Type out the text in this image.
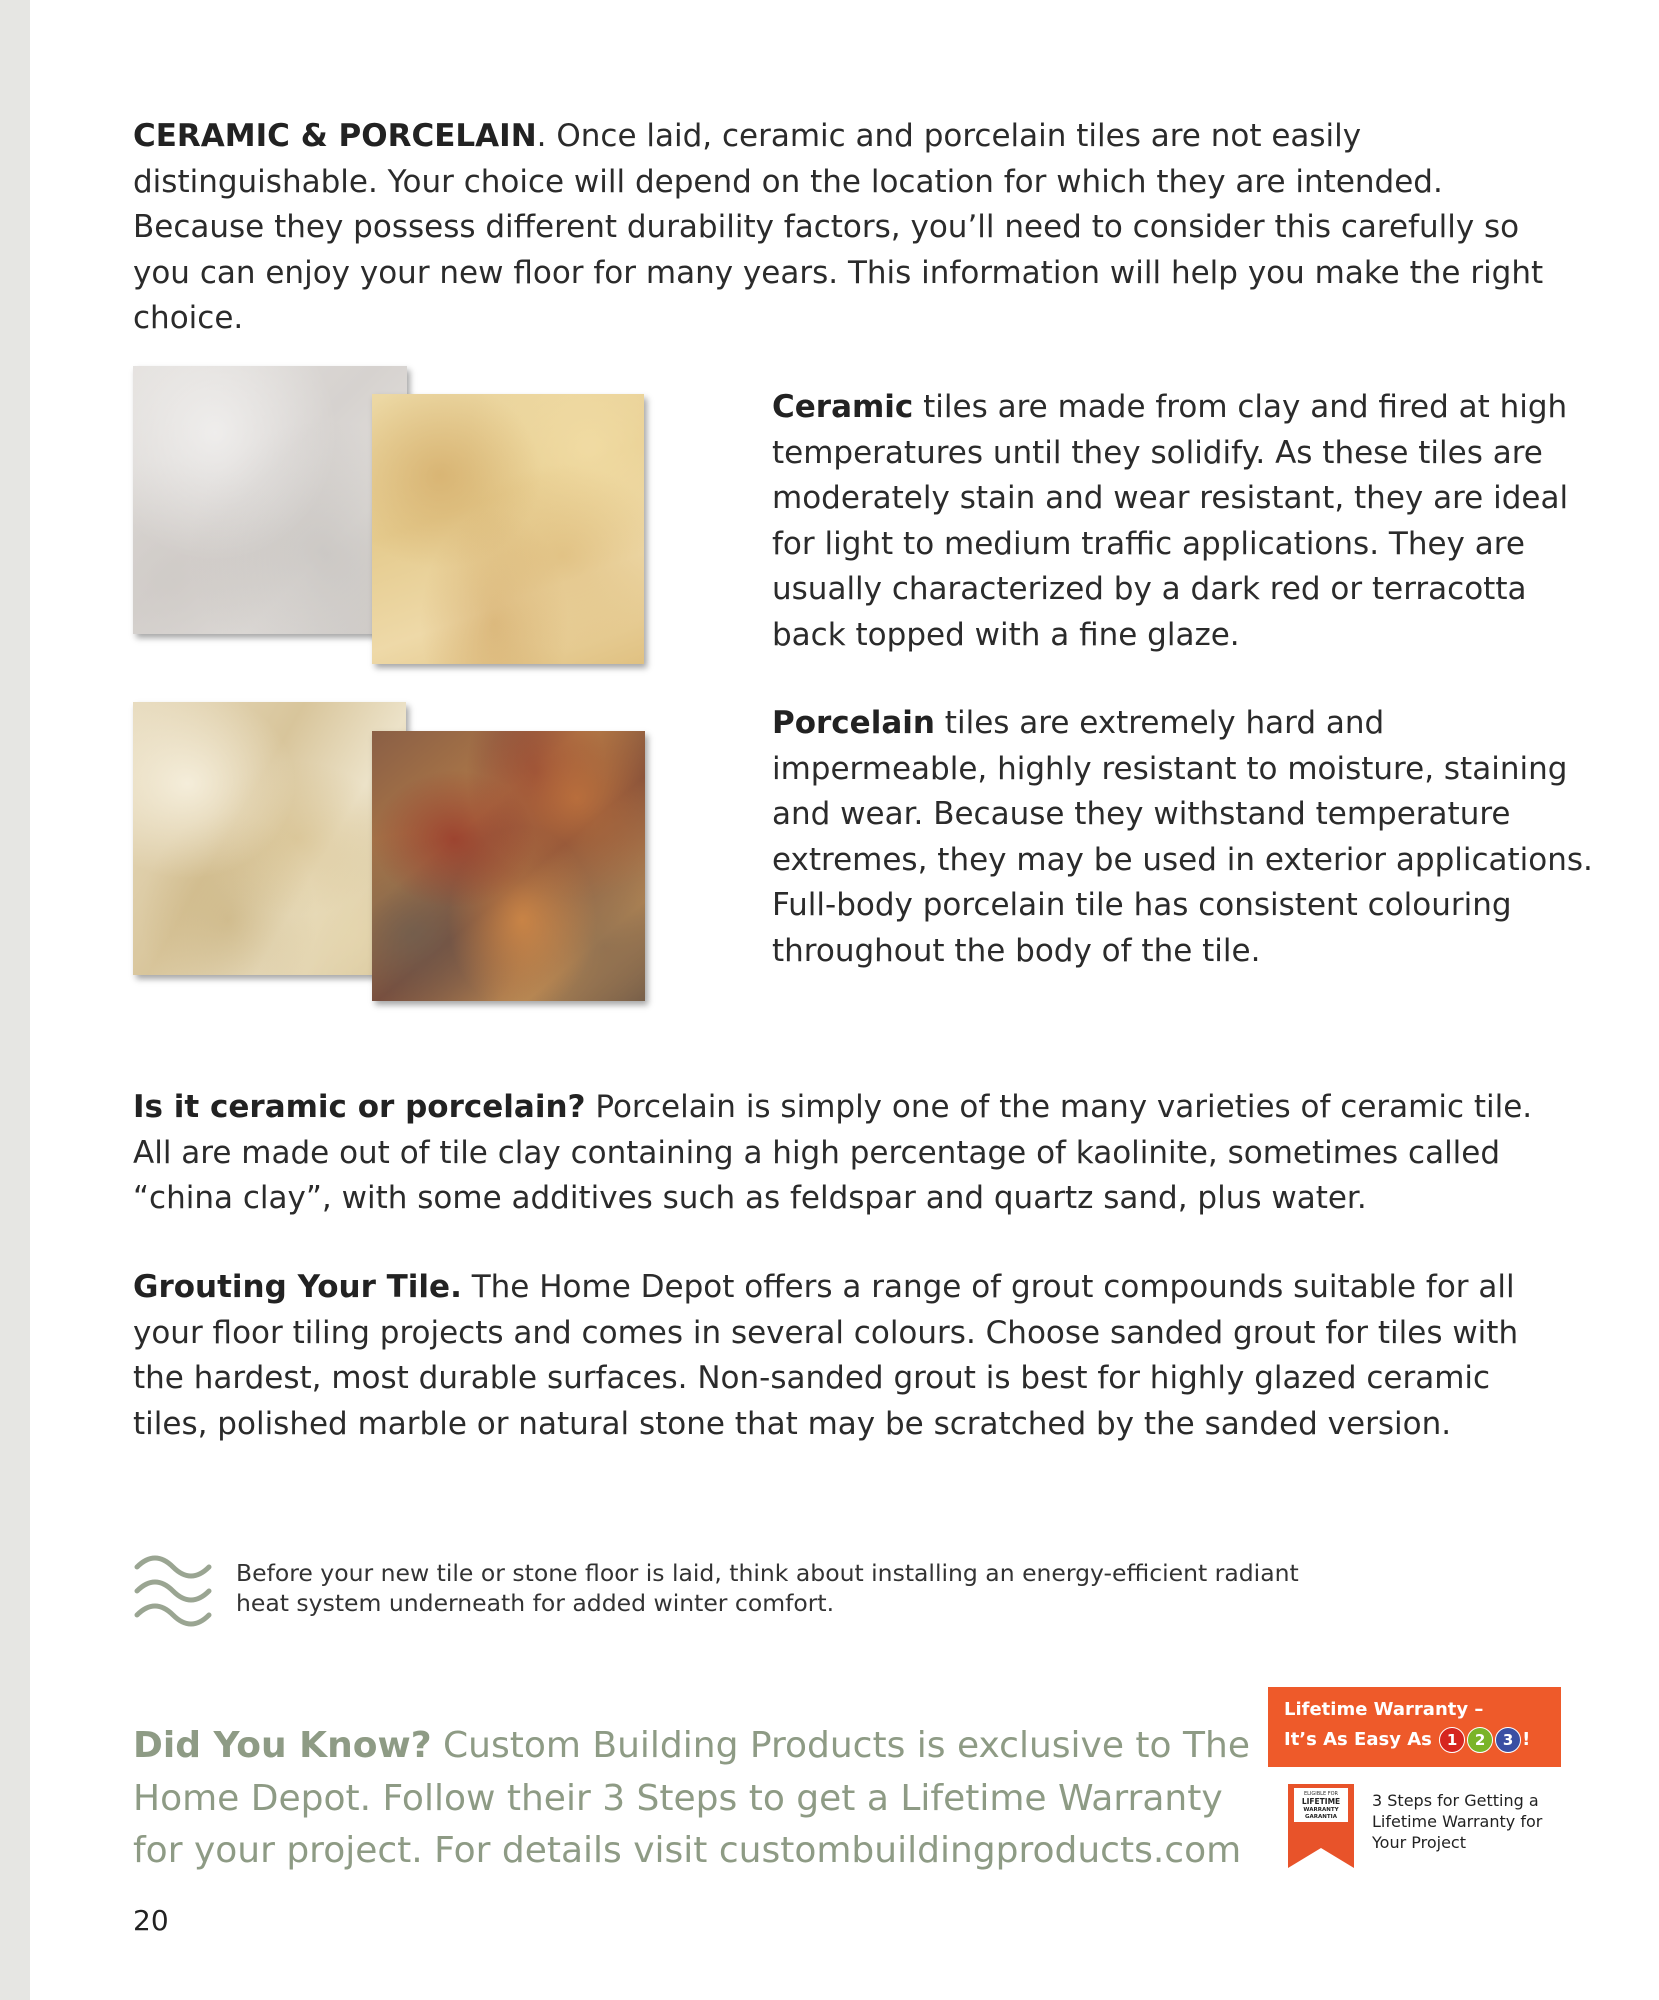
CERAMIC & PORCELAIN. Once laid, ceramic and porcelain tiles are not easily distinguishable. Your choice will depend on the location for which they are intended. Because they possess different durability factors, you’ll need to consider this carefully so you can enjoy your new floor for many years. This information will help you make the right choice.

Ceramic tiles are made from clay and fired at high temperatures until they solidify. As these tiles are moderately stain and wear resistant, they are ideal for light to medium traffic applications. They are usually characterized by a dark red or terracotta back topped with a fine glaze.

Porcelain tiles are extremely hard and impermeable, highly resistant to moisture, staining and wear. Because they withstand temperature extremes, they may be used in exterior applications. Full-body porcelain tile has consistent colouring throughout the body of the tile.

Is it ceramic or porcelain? Porcelain is simply one of the many varieties of ceramic tile. All are made out of tile clay containing a high percentage of kaolinite, sometimes called “china clay”, with some additives such as feldspar and quartz sand, plus water.

Grouting Your Tile. The Home Depot offers a range of grout compounds suitable for all your floor tiling projects and comes in several colours. Choose sanded grout for tiles with the hardest, most durable surfaces. Non-sanded grout is best for highly glazed ceramic tiles, polished marble or natural stone that may be scratched by the sanded version.

Before your new tile or stone floor is laid, think about installing an energy-efficient radiant heat system underneath for added winter comfort.

Did You Know? Custom Building Products is exclusive to The Home Depot. Follow their 3 Steps to get a Lifetime Warranty for your project. For details visit custombuildingproducts.com

Lifetime Warranty –
It’s As Easy As 1 2 3 !
ELIGIBLE FOR
LIFETIME
WARRANTY
GARANTIA

3 Steps for Getting a Lifetime Warranty for Your Project

20
